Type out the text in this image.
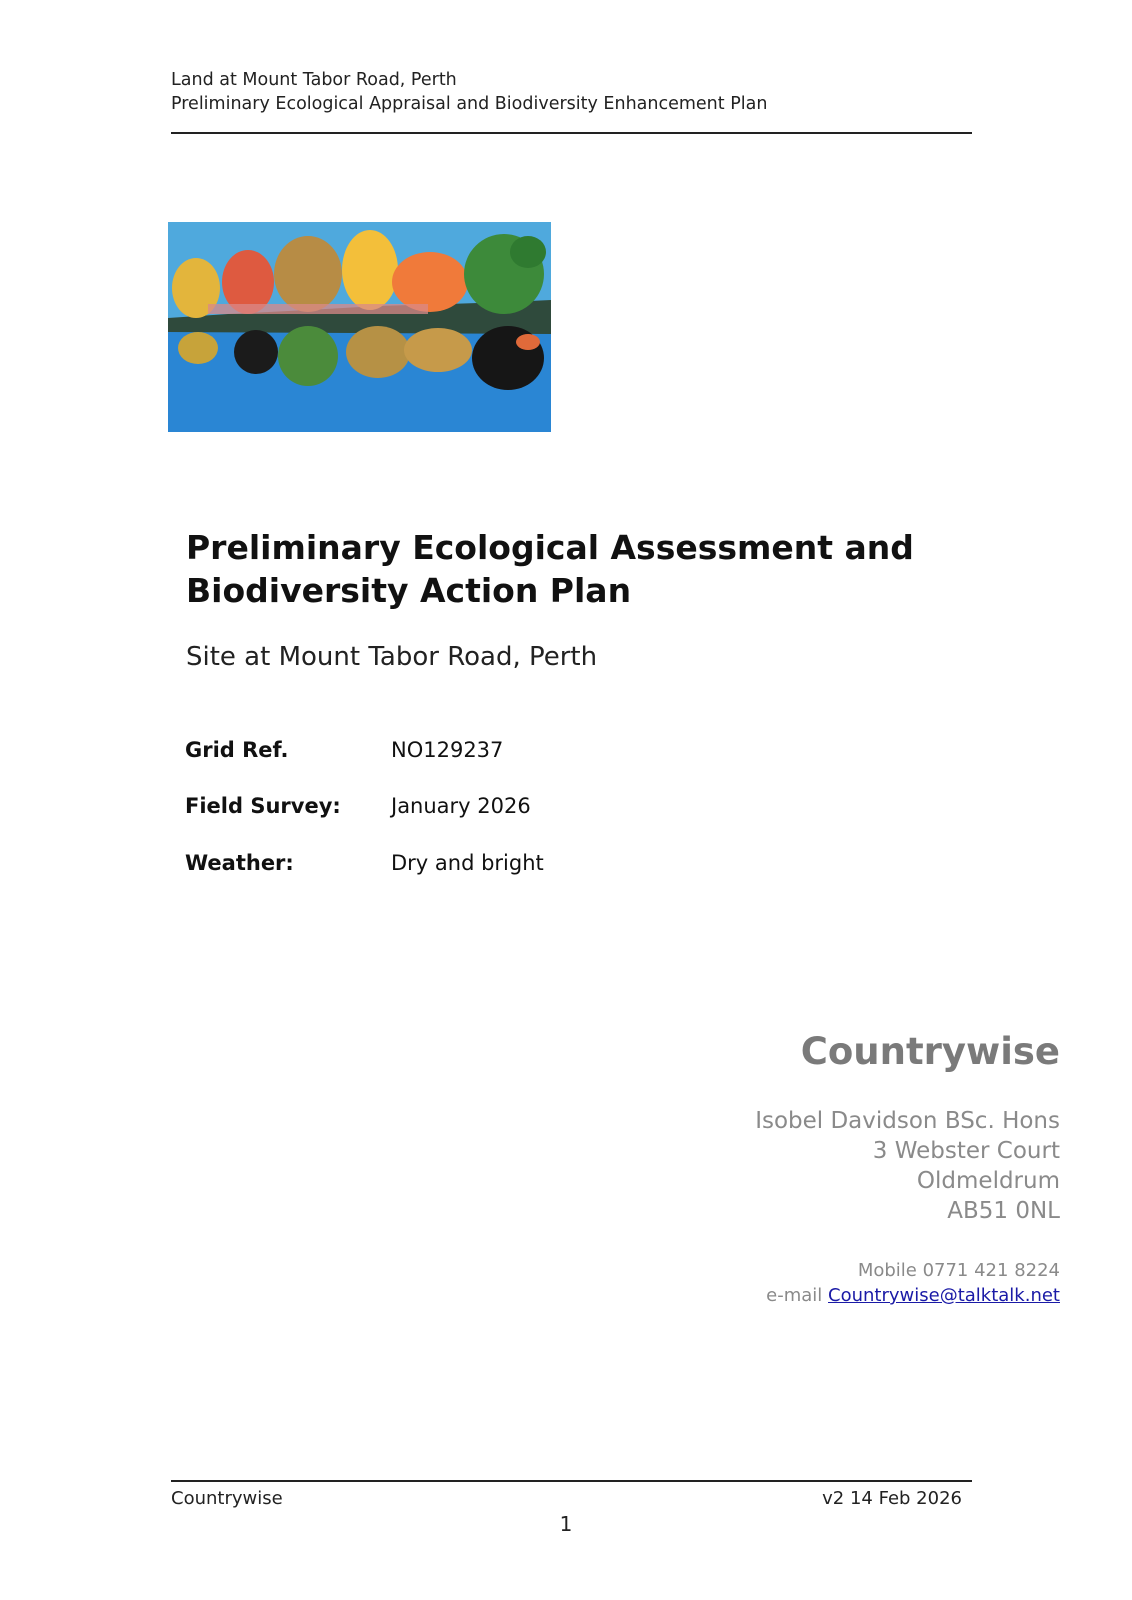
Land at Mount Tabor Road, Perth
Preliminary Ecological Appraisal and Biodiversity Enhancement Plan
Preliminary Ecological Assessment and
Biodiversity Action Plan
Site at Mount Tabor Road, Perth
Grid Ref.	NO129237
Field Survey: January 2026
Weather:	Dry and bright
Countrywise
Isobel Davidson BSc. Hons
3 Webster Court
Oldmeldrum
AB51 0NL
Mobile 0771 421 8224
e-mail Countrywise@talktalk.net
Countrywise	v2 14 Feb 2026
1
